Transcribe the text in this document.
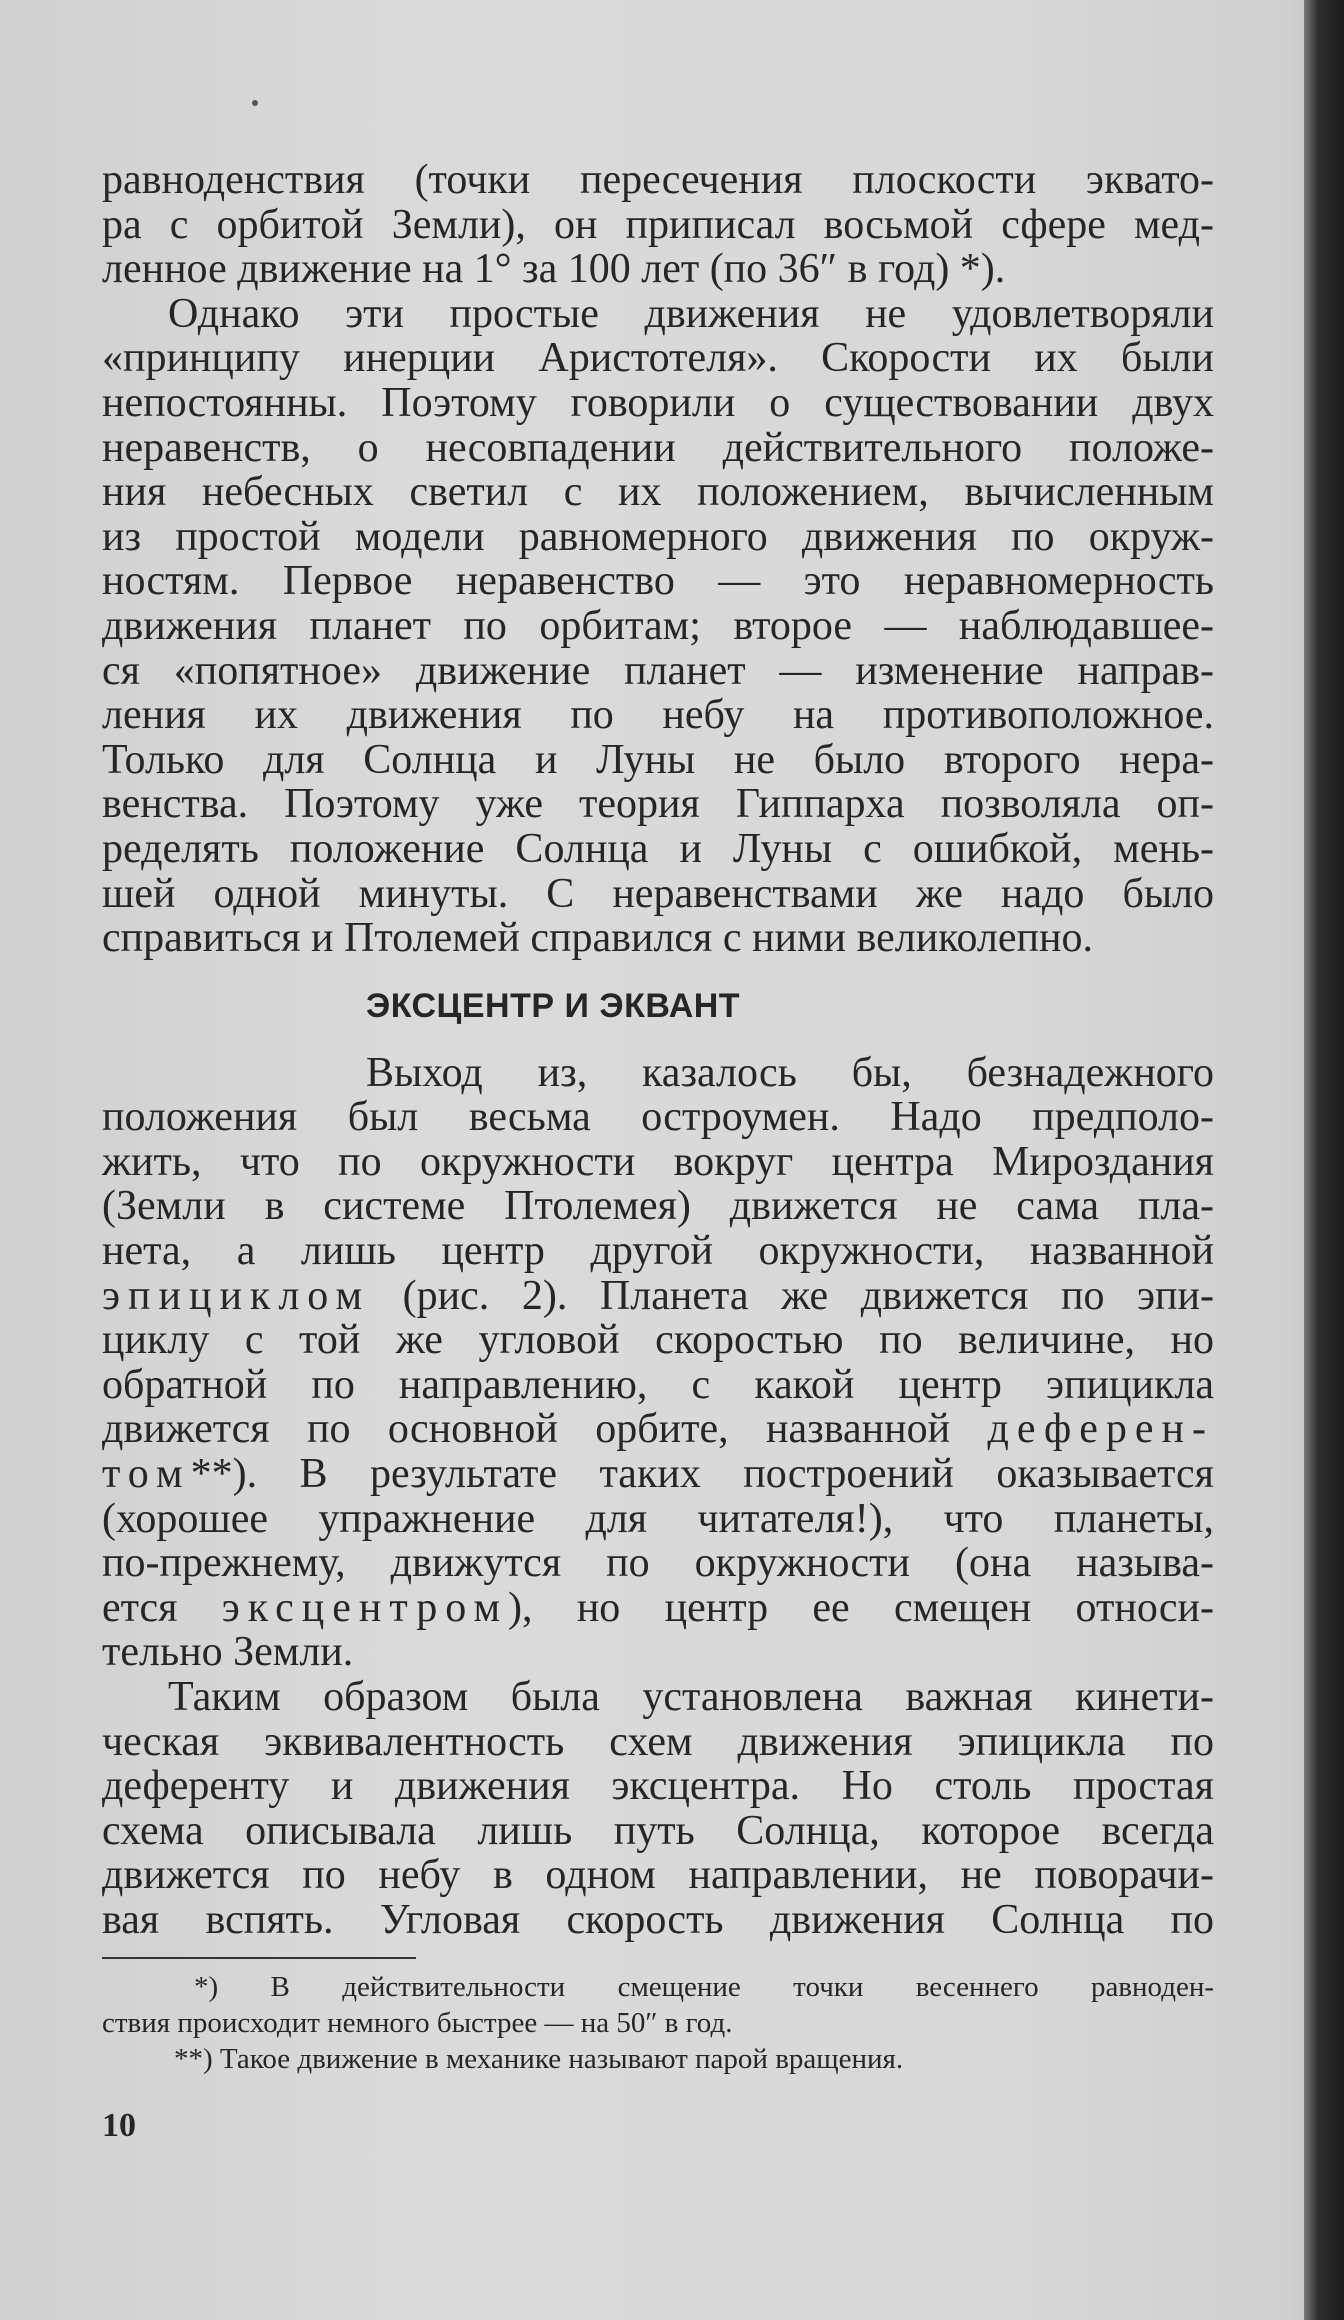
равноденствия (точки пересечения плоскости эквато-
ра с орбитой Земли), он приписал восьмой сфере мед-

ленное движение на 1° за 100 лет (по 36″ в год) *).

Однако эти простые движения не удовлетворяли

«принципу инерции Аристотеля». Скорости их были
непостоянны. Поэтому говорили о существовании двух
неравенств, о несовпадении действительного положе-
ния небесных светил с их положением, вычисленным
из простой модели равномерного движения по окруж-
ностям. Первое неравенство — это неравномерность
движения планет по орбитам; второе — наблюдавшее-
ся «попятное» движение планет — изменение направ-
ления их движения по небу на противоположное.
Только для Солнца и Луны не было второго нера-
венства. Поэтому уже теория Гиппарха позволяла оп-
ределять положение Солнца и Луны с ошибкой, мень-
шей одной минуты. С неравенствами же надо было

справиться и Птолемей справился с ними великолепно.

ЭКСЦЕНТР И ЭКВАНТ

Выход из, казалось бы, безнадежного

положения был весьма остроумен. Надо предполо-
жить, что по окружности вокруг центра Мироздания
(Земли в системе Птолемея) движется не сама пла-
нета, а лишь центр другой окружности, названной
эпициклом (рис. 2). Планета же движется по эпи-
циклу с той же угловой скоростью по величине, но
обратной по направлению, с какой центр эпицикла
движется по основной орбите, названной деферен-
том**). В результате таких построений оказывается
(хорошее упражнение для читателя!), что планеты,
по-прежнему, движутся по окружности (она называ-
ется эксцентром), но центр ее смещен относи-

тельно Земли.

Таким образом была установлена важная кинети-

ческая эквивалентность схем движения эпицикла по
деференту и движения эксцентра. Но столь простая
схема описывала лишь путь Солнца, которое всегда
движется по небу в одном направлении, не поворачи-
вая вспять. Угловая скорость движения Солнца по

*) В действительности смещение точки весеннего равноден-

ствия происходит немного быстрее — на 50″ в год.

**) Такое движение в механике называют парой вращения.

10
